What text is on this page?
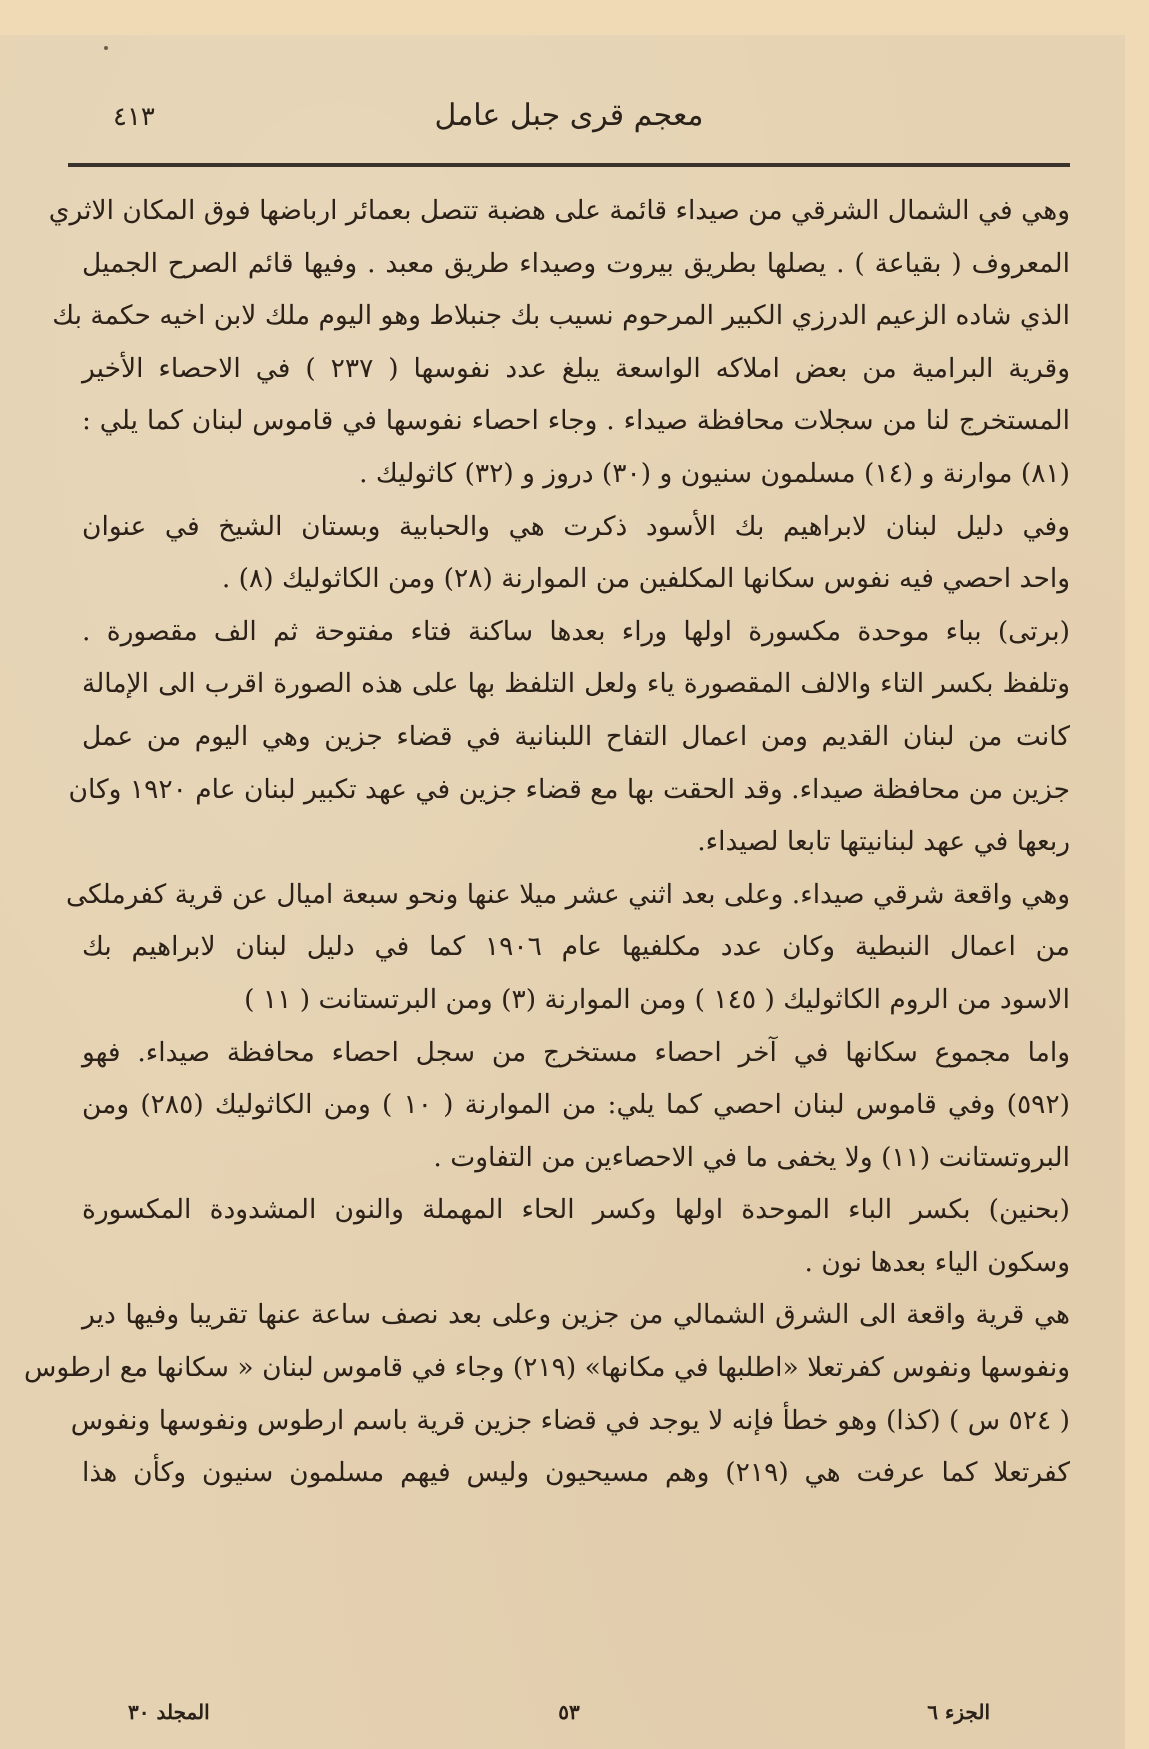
معجم قرى جبل عامل
٤١٣
وهي في الشمال الشرقي من صيداء قائمة على هضبة تتصل بعمائر ارباضها فوق المكان الاثري
المعروف ( بقياعة ) . يصلها بطريق بيروت وصيداء طريق معبد . وفيها قائم الصرح الجميل
الذي شاده الزعيم الدرزي الكبير المرحوم نسيب بك جنبلاط وهو اليوم ملك لابن اخيه حكمة بك
وقرية البرامية من بعض املاكه الواسعة يبلغ عدد نفوسها ( ٢٣٧ ) في الاحصاء الأخير
المستخرج لنا من سجلات محافظة صيداء . وجاء احصاء نفوسها في قاموس لبنان كما يلي :
(٨١) موارنة و (١٤) مسلمون سنيون و (٣٠) دروز و (٣٢) كاثوليك .
وفي دليل لبنان لابراهيم بك الأسود ذكرت هي والحبابية وبستان الشيخ في عنوان
واحد احصي فيه نفوس سكانها المكلفين من الموارنة (٢٨) ومن الكاثوليك (٨) .
(برتى) بباء موحدة مكسورة اولها وراء بعدها ساكنة فتاء مفتوحة ثم الف مقصورة .
وتلفظ بكسر التاء والالف المقصورة ياء ولعل التلفظ بها على هذه الصورة اقرب الى الإمالة
كانت من لبنان القديم ومن اعمال التفاح اللبنانية في قضاء جزين وهي اليوم من عمل
جزين من محافظة صيداء. وقد الحقت بها مع قضاء جزين في عهد تكبير لبنان عام ١٩٢٠ وكان
ربعها في عهد لبنانيتها تابعا لصيداء.
وهي واقعة شرقي صيداء. وعلى بعد اثني عشر ميلا عنها ونحو سبعة اميال عن قرية كفرملكى
من اعمال النبطية وكان عدد مكلفيها عام ١٩٠٦ كما في دليل لبنان لابراهيم بك
الاسود من الروم الكاثوليك ( ١٤٥ ) ومن الموارنة (٣) ومن البرتستانت ( ١١ )
واما مجموع سكانها في آخر احصاء مستخرج من سجل احصاء محافظة صيداء. فهو
(٥٩٢) وفي قاموس لبنان احصي كما يلي: من الموارنة ( ١٠ ) ومن الكاثوليك (٢٨٥) ومن
البروتستانت (١١) ولا يخفى ما في الاحصاءين من التفاوت .
(بحنين) بكسر الباء الموحدة اولها وكسر الحاء المهملة والنون المشدودة المكسورة
وسكون الياء بعدها نون .
هي قرية واقعة الى الشرق الشمالي من جزين وعلى بعد نصف ساعة عنها تقريبا وفيها دير
ونفوسها ونفوس كفرتعلا «اطلبها في مكانها» (٢١٩) وجاء في قاموس لبنان « سكانها مع ارطوس
( ٥٢٤ س ) (كذا) وهو خطأ فإنه لا يوجد في قضاء جزين قرية باسم ارطوس ونفوسها ونفوس
كفرتعلا كما عرفت هي (٢١٩) وهم مسيحيون وليس فيهم مسلمون سنيون وكأن هذا
الجزء ٦
٥٣
المجلد ٣٠
